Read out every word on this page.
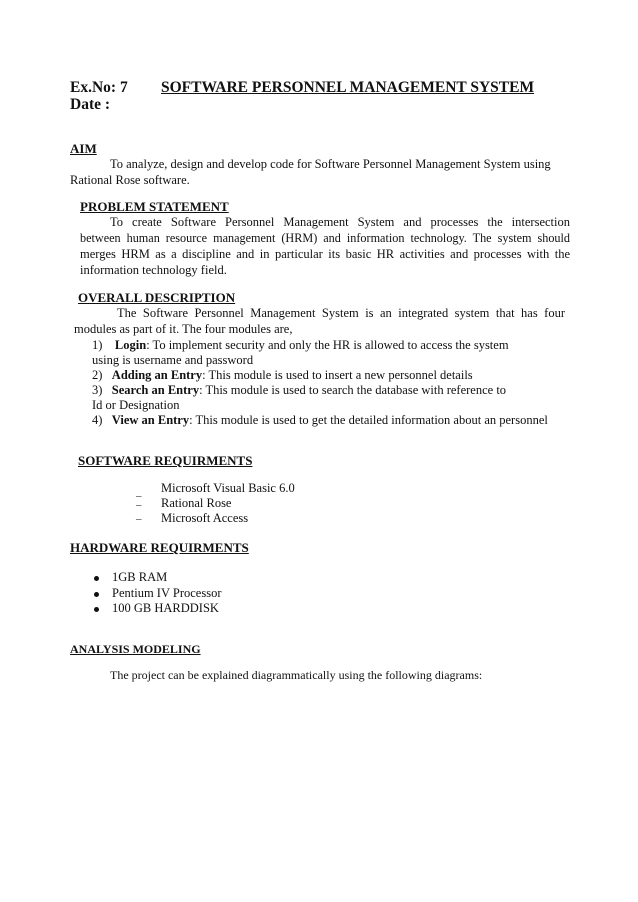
Ex.No: 7 SOFTWARE PERSONNEL MANAGEMENT SYSTEM
Date :
AIM
To analyze, design and develop code for Software Personnel Management System using
Rational Rose software.
PROBLEM STATEMENT
To create Software Personnel Management System and processes the intersection
between human resource management (HRM) and information technology. The system should
merges HRM as a discipline and in particular its basic HR activities and processes with the
information technology field.
OVERALL DESCRIPTION
The Software Personnel Management System is an integrated system that has four
modules as part of it. The four modules are,
1) Login: To implement security and only the HR is allowed to access the system
using is username and password
2) Adding an Entry: This module is used to insert a new personnel details
3) Search an Entry: This module is used to search the database with reference to
Id or Designation
4) View an Entry: This module is used to get the detailed information about an personnel
SOFTWARE REQUIRMENTS
Microsoft Visual Basic 6.0
– Rational Rose
–
Microsoft Access
–
HARDWARE REQUIRMENTS
1GB RAM
Pentium IV Processor
100 GB HARDDISK
ANALYSIS MODELING
The project can be explained diagrammatically using the following diagrams:
